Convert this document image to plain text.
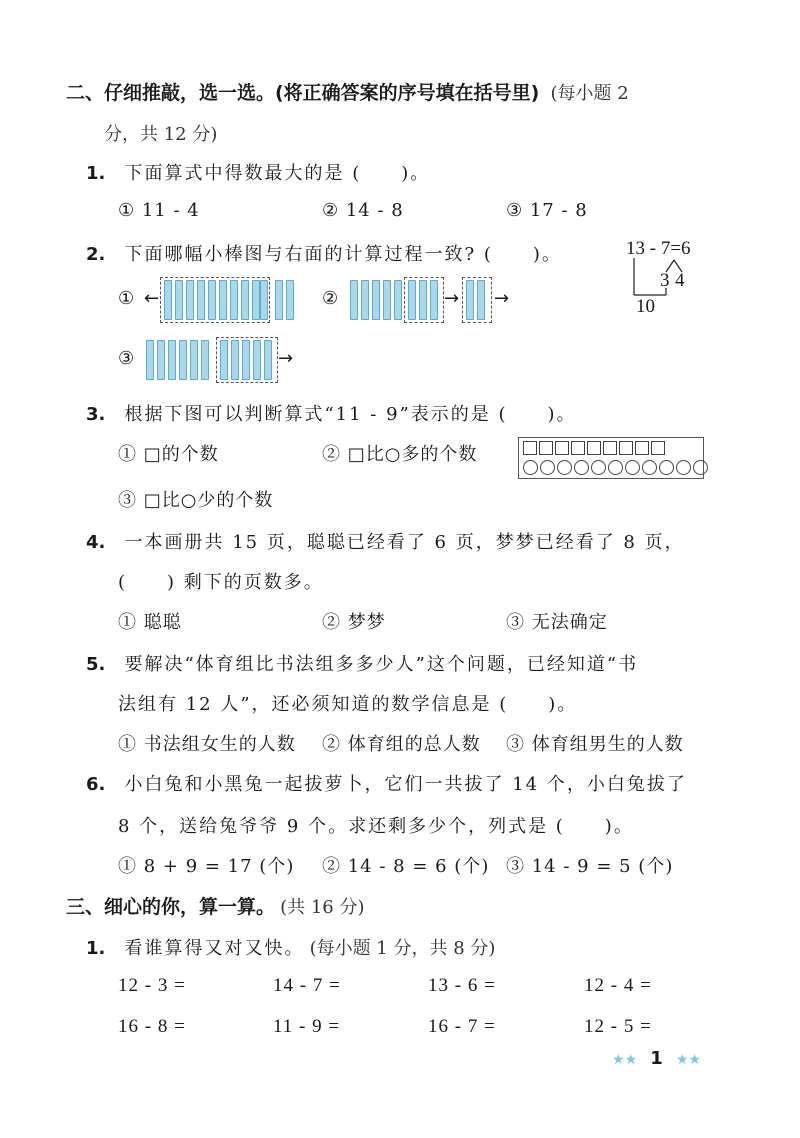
二、仔细推敲，选一选。(将正确答案的序号填在括号里) (每小题 2
分，共 12 分)
1. 下面算式中得数最大的是 (　　)。
① 11 - 4	② 14 - 8	③ 17 - 8
2. 下面哪幅小棒图与右面的计算过程一致? (　　)。	13 - 7=6
3 4
10
① ←	②	→ →
③	→
3. 根据下图可以判断算式“11 - 9”表示的是 (　　)。
① □的个数	② □比○多的个数
③ □比○少的个数
4. 一本画册共 15 页，聪聪已经看了 6 页，梦梦已经看了 8 页，
(　　) 剩下的页数多。
① 聪聪	② 梦梦	③ 无法确定
5. 要解决“体育组比书法组多多少人”这个问题，已经知道“书
法组有 12 人”，还必须知道的数学信息是 (　　)。
① 书法组女生的人数 ② 体育组的总人数 ③ 体育组男生的人数
6. 小白兔和小黑兔一起拔萝卜，它们一共拔了 14 个，小白兔拔了
8 个，送给兔爷爷 9 个。求还剩多少个，列式是 (　　)。
① 8 + 9 = 17 (个) ② 14 - 8 = 6 (个) ③ 14 - 9 = 5 (个)
三、细心的你，算一算。 (共 16 分)
1. 看谁算得又对又快。 (每小题 1 分，共 8 分)
12 - 3 =	14 - 7 =	13 - 6 =	12 - 4 =
16 - 8 =	11 - 9 =	16 - 7 =	12 - 5 =
★★ 1 ★★
